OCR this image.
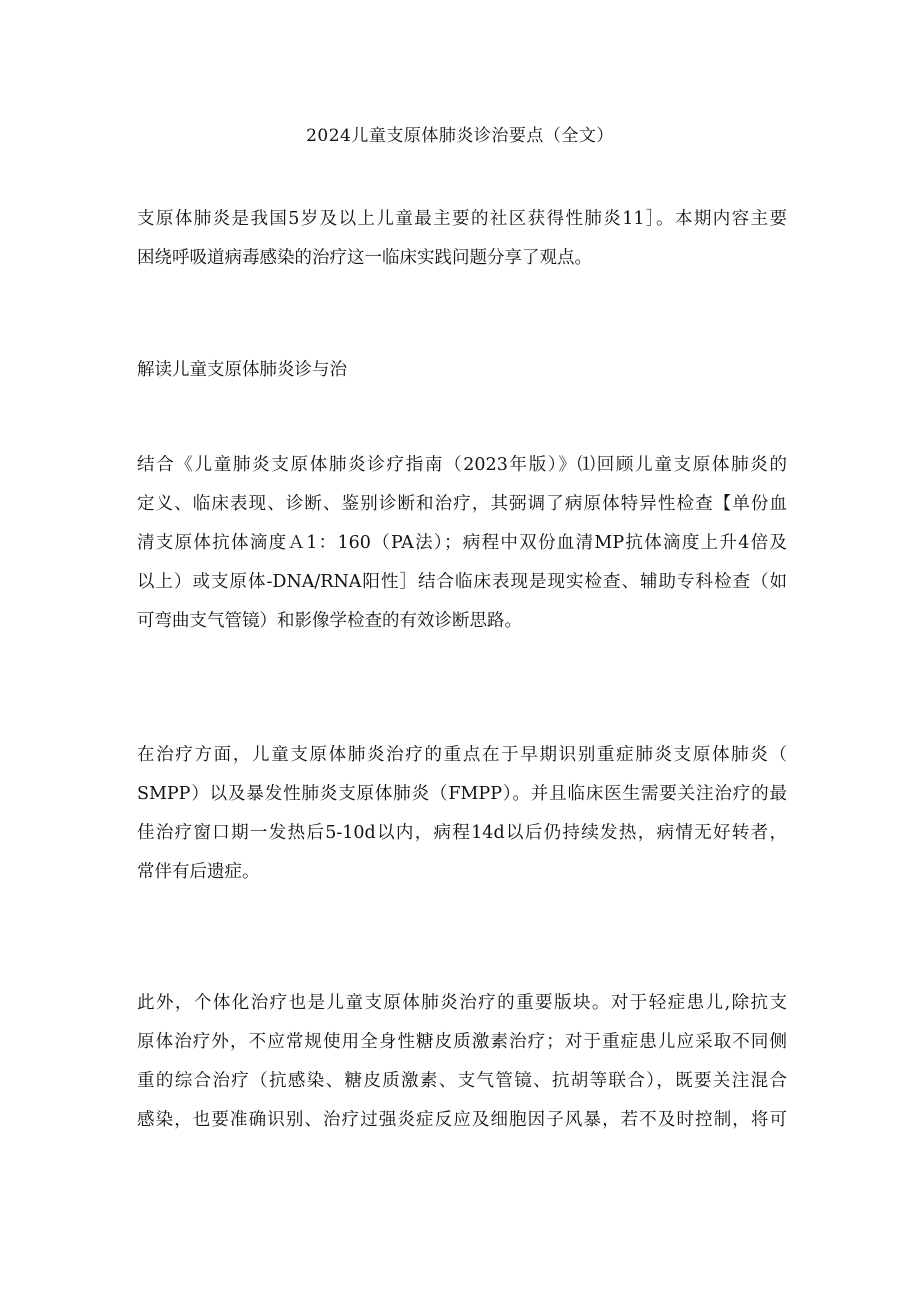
2024儿童支原体肺炎诊治要点（全文）

支原体肺炎是我国5岁及以上儿童最主要的社区获得性肺炎11］。本期内容主要
困绕呼吸道病毒感染的治疗这一临床实践问题分享了观点。

解读儿童支原体肺炎诊与治

结合《儿童肺炎支原体肺炎诊疗指南（2023年版）》⑴回顾儿童支原体肺炎的
定义、临床表现、诊断、鉴别诊断和治疗，其弼调了病原体特异性检查【单份血
清支原体抗体滴度Ａ1：160（PA法）；病程中双份血清MP抗体滴度上升4倍及
以上）或支原体-DNA/RNA阳性］结合临床表现是现实检查、辅助专科检查（如
可弯曲支气管镜）和影像学检查的有效诊断思路。

在治疗方面，儿童支原体肺炎治疗的重点在于早期识别重症肺炎支原体肺炎（
SMPP）以及暴发性肺炎支原体肺炎（FMPP）。并且临床医生需要关注治疗的最
佳治疗窗口期一发热后5-10d以内，病程14d以后仍持续发热，病情无好转者，
常伴有后遗症。

此外，个体化治疗也是儿童支原体肺炎治疗的重要版块。对于轻症患儿,除抗支
原体治疗外，不应常规使用全身性糖皮质激素治疗；对于重症患儿应采取不同侧
重的综合治疗（抗感染、糖皮质激素、支气管镜、抗胡等联合），既要关注混合
感染，也要准确识别、治疗过强炎症反应及细胞因子风暴，若不及时控制，将可
